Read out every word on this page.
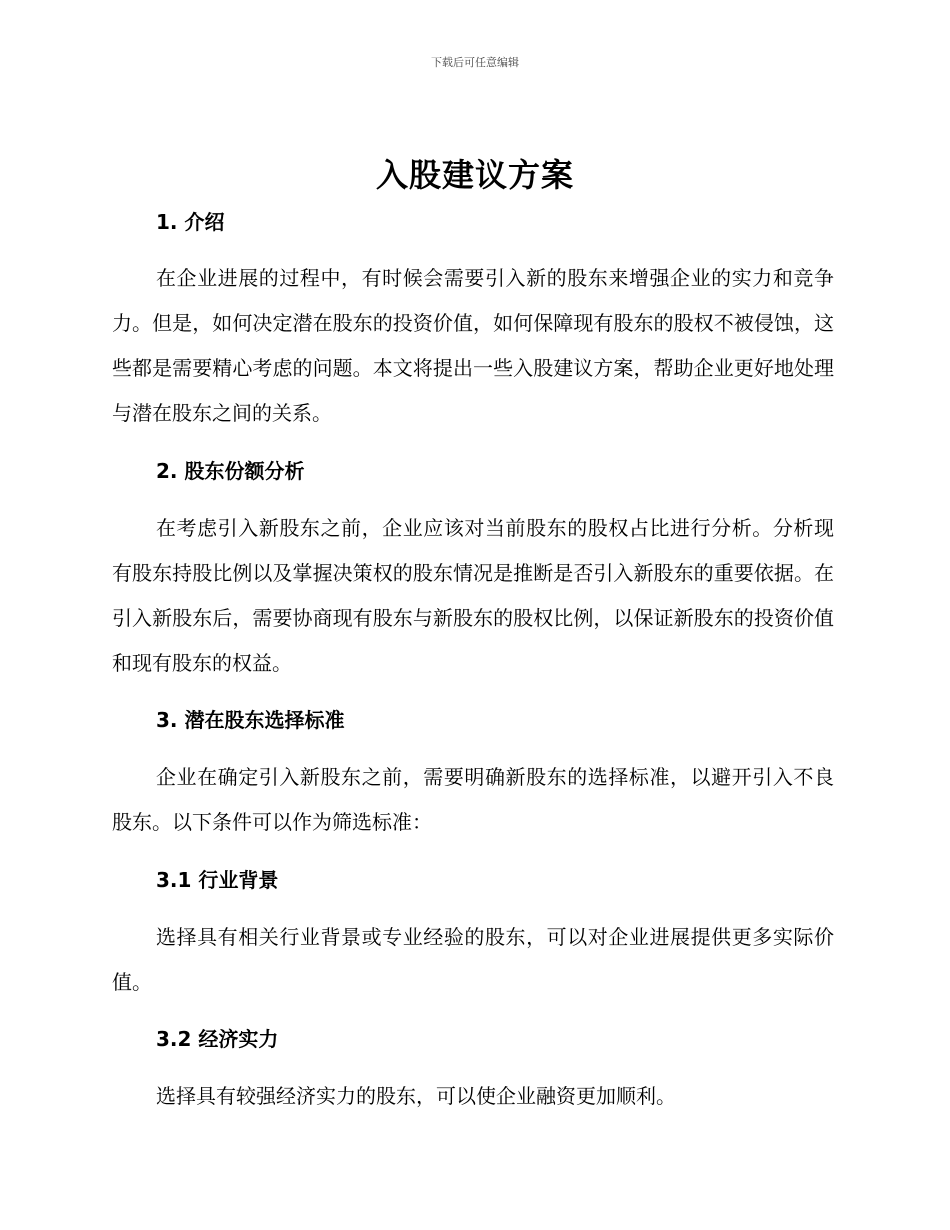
下载后可任意编辑
入股建议方案
1. 介绍
在企业进展的过程中，有时候会需要引入新的股东来增强企业的实力和竞争力。但是，如何决定潜在股东的投资价值，如何保障现有股东的股权不被侵蚀，这些都是需要精心考虑的问题。本文将提出一些入股建议方案，帮助企业更好地处理与潜在股东之间的关系。
2. 股东份额分析
在考虑引入新股东之前，企业应该对当前股东的股权占比进行分析。分析现有股东持股比例以及掌握决策权的股东情况是推断是否引入新股东的重要依据。在引入新股东后，需要协商现有股东与新股东的股权比例，以保证新股东的投资价值和现有股东的权益。
3. 潜在股东选择标准
企业在确定引入新股东之前，需要明确新股东的选择标准，以避开引入不良股东。以下条件可以作为筛选标准：
3.1 行业背景
选择具有相关行业背景或专业经验的股东，可以对企业进展提供更多实际价值。
3.2 经济实力
选择具有较强经济实力的股东，可以使企业融资更加顺利。
